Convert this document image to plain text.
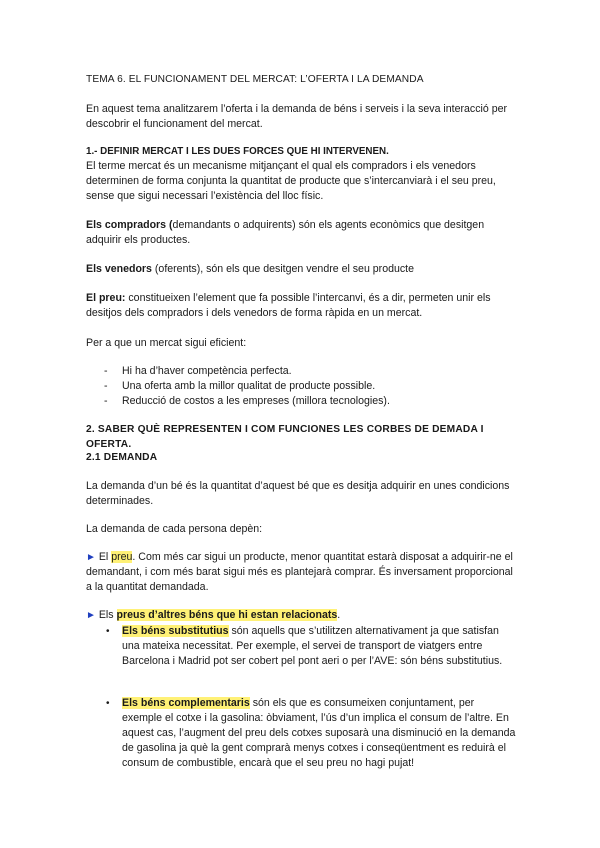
TEMA 6. EL FUNCIONAMENT DEL MERCAT: L’OFERTA I LA DEMANDA

En aquest tema analitzarem l’oferta i la demanda de béns i serveis i la seva interacció per descobrir el funcionament del mercat.

1.- DEFINIR MERCAT I LES DUES FORCES QUE HI INTERVENEN.

El terme mercat és un mecanisme mitjançant el qual els compradors i els venedors determinen de forma conjunta la quantitat de producte que s’intercanviarà i el seu preu, sense que sigui necessari l’existència del lloc físic.

Els compradors (demandants o adquirents) són els agents econòmics que desitgen adquirir els productes.

Els venedors (oferents), són els que desitgen vendre el seu producte

El preu: constitueixen l’element que fa possible l’intercanvi, és a dir, permeten unir els desitjos dels compradors i dels venedors de forma ràpida en un mercat.

Per a que un mercat sigui eficient:

- Hi ha d’haver competència perfecta.
- Una oferta amb la millor qualitat de producte possible.
- Reducció de costos a les empreses (millora tecnologies).

2. SABER QUÈ REPRESENTEN I COM FUNCIONES LES CORBES DE DEMADA I OFERTA.

2.1 DEMANDA

La demanda d’un bé és la quantitat d’aquest bé que es desitja adquirir en unes condicions determinades.

La demanda de cada persona depèn:

► El preu. Com més car sigui un producte, menor quantitat estarà disposat a adquirir-ne el demandant, i com més barat sigui més es plantejarà comprar. És inversament proporcional a la quantitat demandada.

► Els preus d’altres béns que hi estan relacionats.

• Els béns substitutius són aquells que s’utilitzen alternativament ja que satisfan una mateixa necessitat. Per exemple, el servei de transport de viatgers entre Barcelona i Madrid pot ser cobert pel pont aeri o per l’AVE: són béns substitutius.

• Els béns complementaris són els que es consumeixen conjuntament, per exemple el cotxe i la gasolina: òbviament, l’ús d’un implica el consum de l’altre. En aquest cas, l’augment del preu dels cotxes suposarà una disminució en la demanda de gasolina ja què la gent comprarà menys cotxes i conseqüentment es reduirà el consum de combustible, encarà que el seu preu no hagi pujat!
